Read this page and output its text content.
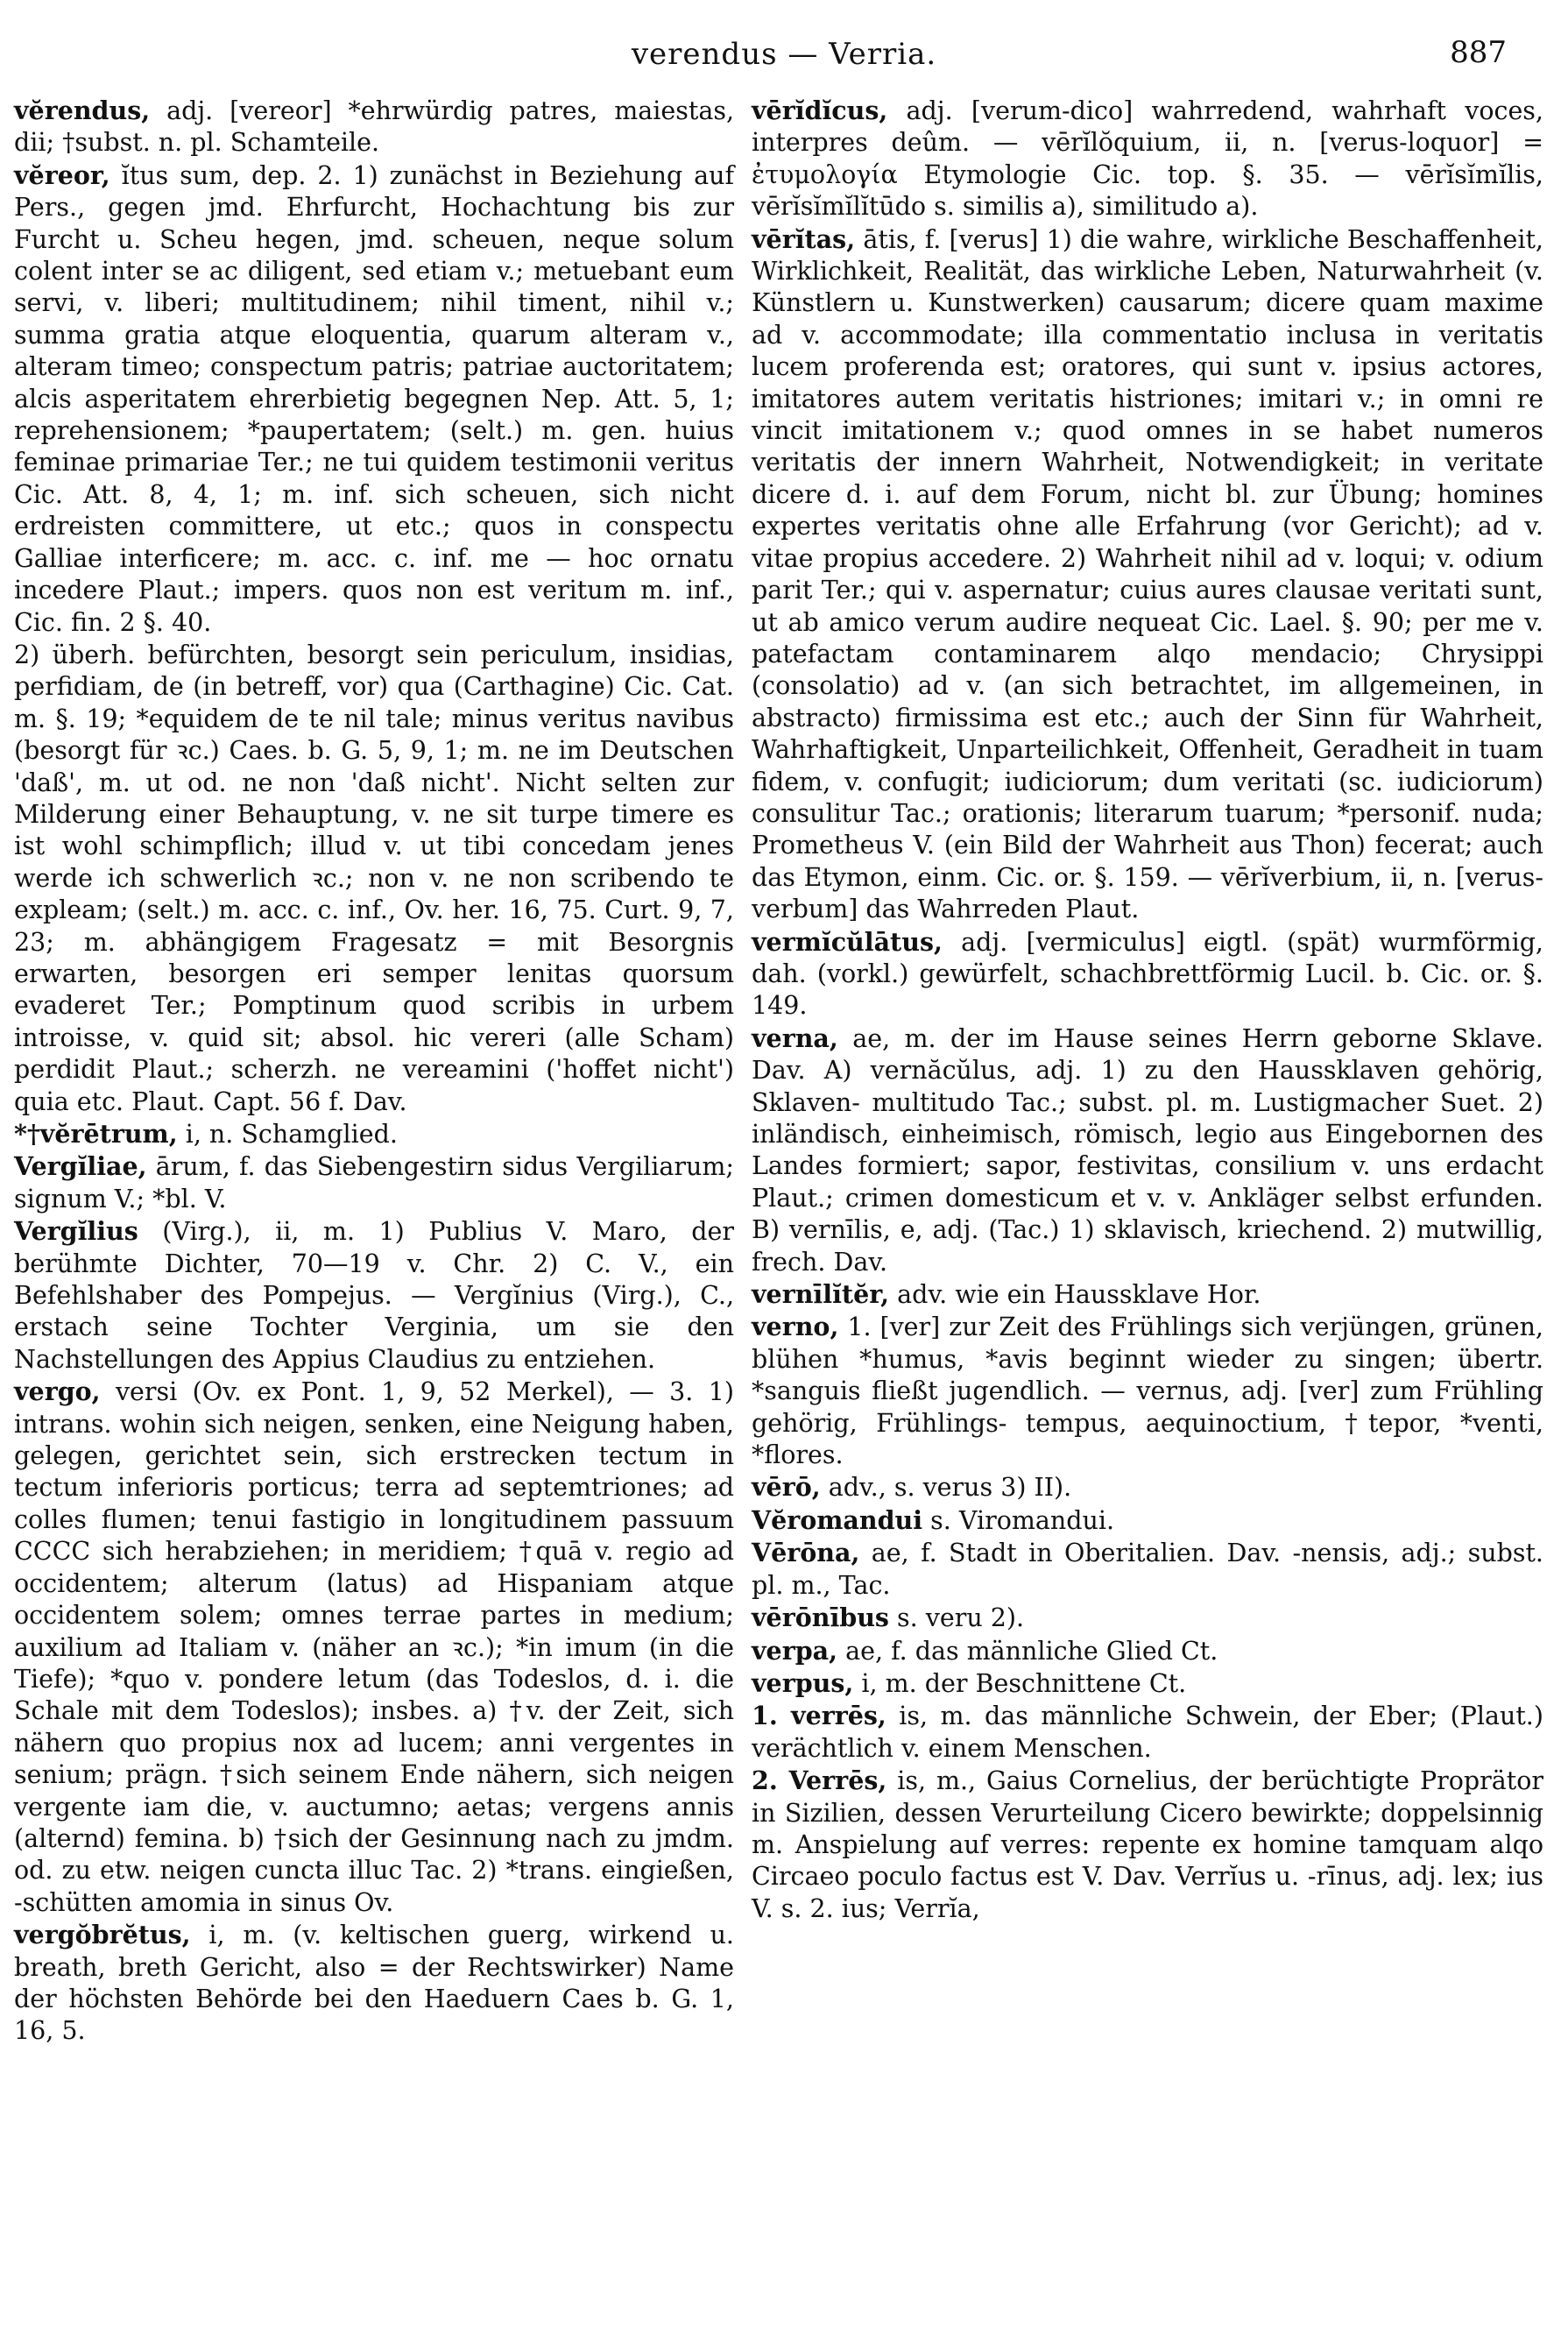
verendus — Verria.	887

vĕrendus, adj. [vereor] *ehrwürdig patres, maiestas, dii; †subst. n. pl. Schamteile.

vĕreor, ĭtus sum, dep. 2. 1) zunächst in Beziehung auf Pers., gegen jmd. Ehrfurcht, Hochachtung bis zur Furcht u. Scheu hegen, jmd. scheuen, neque solum colent inter se ac diligent, sed etiam v.; metuebant eum servi, v. liberi; multitudinem; nihil timent, nihil v.; summa gratia atque eloquentia, quarum alteram v., alteram timeo; conspectum patris; patriae auctoritatem; alcis asperitatem ehrerbietig begegnen Nep. Att. 5, 1; reprehensionem; *paupertatem; (selt.) m. gen. huius feminae primariae Ter.; ne tui quidem testimonii veritus Cic. Att. 8, 4, 1; m. inf. sich scheuen, sich nicht erdreisten committere, ut etc.; quos in conspectu Galliae interficere; m. acc. c. inf. me — hoc ornatu incedere Plaut.; impers. quos non est veritum m. inf., Cic. fin. 2 §. 40.

2) überh. befürchten, besorgt sein periculum, insidias, perfidiam, de (in betreff, vor) qua (Carthagine) Cic. Cat. m. §. 19; *equidem de te nil tale; minus veritus navibus (besorgt für ꝛc.) Caes. b. G. 5, 9, 1; m. ne im Deutschen 'daß', m. ut od. ne non 'daß nicht'. Nicht selten zur Milderung einer Behauptung, v. ne sit turpe timere es ist wohl schimpflich; illud v. ut tibi concedam jenes werde ich schwerlich ꝛc.; non v. ne non scribendo te expleam; (selt.) m. acc. c. inf., Ov. her. 16, 75. Curt. 9, 7, 23; m. abhängigem Fragesatz = mit Besorgnis erwarten, besorgen eri semper lenitas quorsum evaderet Ter.; Pomptinum quod scribis in urbem introisse, v. quid sit; absol. hic vereri (alle Scham) perdidit Plaut.; scherzh. ne vereamini ('hoffet nicht') quia etc. Plaut. Capt. 56 f. Dav.

*†vĕrētrum, i, n. Schamglied.

Vergĭliae, ārum, f. das Siebengestirn sidus Vergiliarum; signum V.; *bl. V.

Vergĭlius (Virg.), ii, m. 1) Publius V. Maro, der berühmte Dichter, 70—19 v. Chr. 2) C. V., ein Befehlshaber des Pompejus. — Vergĭnius (Virg.), C., erstach seine Tochter Verginia, um sie den Nachstellungen des Appius Claudius zu entziehen.

vergo, versi (Ov. ex Pont. 1, 9, 52 Merkel), — 3. 1) intrans. wohin sich neigen, senken, eine Neigung haben, gelegen, gerichtet sein, sich erstrecken tectum in tectum inferioris porticus; terra ad septemtriones; ad colles flumen; tenui fastigio in longitudinem passuum CCCC sich herabziehen; in meridiem; †quā v. regio ad occidentem; alterum (latus) ad Hispaniam atque occidentem solem; omnes terrae partes in medium; auxilium ad Italiam v. (näher an ꝛc.); *in imum (in die Tiefe); *quo v. pondere letum (das Todeslos, d. i. die Schale mit dem Todeslos); insbes. a) †v. der Zeit, sich nähern quo propius nox ad lucem; anni vergentes in senium; prägn. †sich seinem Ende nähern, sich neigen vergente iam die, v. auctumno; aetas; vergens annis (alternd) femina. b) †sich der Gesinnung nach zu jmdm. od. zu etw. neigen cuncta illuc Tac. 2) *trans. eingießen, ‑schütten amomia in sinus Ov.

vergŏbrĕtus, i, m. (v. keltischen guerg, wirkend u. breath, breth Gericht, also = der Rechtswirker) Name der höchsten Behörde bei den Haeduern Caes b. G. 1, 16, 5.

vērĭdĭcus, adj. [verum-dico] wahrredend, wahrhaft voces, interpres deûm. — vērĭlŏquium, ii, n. [verus-loquor] = ἐτυμολογία Etymologie Cic. top. §. 35. — vērĭsĭmĭlis, vērĭsĭmĭlĭtūdo s. similis a), similitudo a).

vērĭtas, ātis, f. [verus] 1) die wahre, wirkliche Beschaffenheit, Wirklichkeit, Realität, das wirkliche Leben, Naturwahrheit (v. Künstlern u. Kunstwerken) causarum; dicere quam maxime ad v. accommodate; illa commentatio inclusa in veritatis lucem proferenda est; oratores, qui sunt v. ipsius actores, imitatores autem veritatis histriones; imitari v.; in omni re vincit imitationem v.; quod omnes in se habet numeros veritatis der innern Wahrheit, Notwendigkeit; in veritate dicere d. i. auf dem Forum, nicht bl. zur Übung; homines expertes veritatis ohne alle Erfahrung (vor Gericht); ad v. vitae propius accedere. 2) Wahrheit nihil ad v. loqui; v. odium parit Ter.; qui v. aspernatur; cuius aures clausae veritati sunt, ut ab amico verum audire nequeat Cic. Lael. §. 90; per me v. patefactam contaminarem alqo mendacio; Chrysippi (consolatio) ad v. (an sich betrachtet, im allgemeinen, in abstracto) firmissima est etc.; auch der Sinn für Wahrheit, Wahrhaftigkeit, Unparteilichkeit, Offenheit, Geradheit in tuam fidem, v. confugit; iudiciorum; dum veritati (sc. iudiciorum) consulitur Tac.; orationis; literarum tuarum; *personif. nuda; Prometheus V. (ein Bild der Wahrheit aus Thon) fecerat; auch das Etymon, einm. Cic. or. §. 159. — vērĭverbium, ii, n. [verus-verbum] das Wahrreden Plaut.

vermĭcŭlātus, adj. [vermiculus] eigtl. (spät) wurmförmig, dah. (vorkl.) gewürfelt, schachbrettförmig Lucil. b. Cic. or. §. 149.

verna, ae, m. der im Hause seines Herrn geborne Sklave. Dav. A) vernăcŭlus, adj. 1) zu den Haussklaven gehörig, Sklaven‑ multitudo Tac.; subst. pl. m. Lustigmacher Suet. 2) inländisch, einheimisch, römisch, legio aus Eingebornen des Landes formiert; sapor, festivitas, consilium v. uns erdacht Plaut.; crimen domesticum et v. v. Ankläger selbst erfunden. B) vernīlis, e, adj. (Tac.) 1) sklavisch, kriechend. 2) mutwillig, frech. Dav.

vernīlĭtĕr, adv. wie ein Haussklave Hor.

verno, 1. [ver] zur Zeit des Frühlings sich verjüngen, grünen, blühen *humus, *avis beginnt wieder zu singen; übertr. *sanguis fließt jugendlich. — vernus, adj. [ver] zum Frühling gehörig, Frühlings‑ tempus, aequinoctium, †tepor, *venti, *flores.

vērō, adv., s. verus 3) II).

Vĕromandui s. Viromandui.

Vērōna, ae, f. Stadt in Oberitalien. Dav. ‑nensis, adj.; subst. pl. m., Tac.

vērōnībus s. veru 2).

verpa, ae, f. das männliche Glied Ct.

verpus, i, m. der Beschnittene Ct.

1. verrēs, is, m. das männliche Schwein, der Eber; (Plaut.) verächtlich v. einem Menschen.

2. Verrēs, is, m., Gaius Cornelius, der berüchtigte Proprätor in Sizilien, dessen Verurteilung Cicero bewirkte; doppelsinnig m. Anspielung auf verres: repente ex homine tamquam alqo Circaeo poculo factus est V. Dav. Verrĭus u. ‑rīnus, adj. lex; ius V. s. 2. ius; Verrĭa,
